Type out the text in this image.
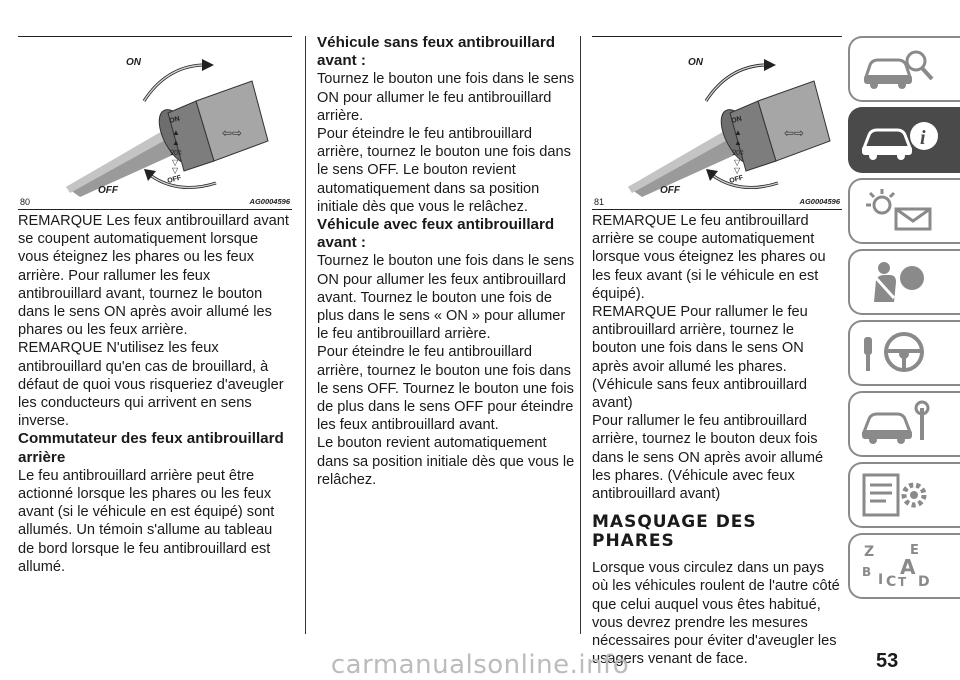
ON
▲
▲
ꝿ0‡
▽
▽
OFF
⇦⇨
ON
OFF
80	AG0004596

REMARQUE Les feux antibrouillard avant se coupent automatiquement lorsque vous éteignez les phares ou les feux arrière. Pour rallumer les feux antibrouillard avant, tournez le bouton dans le sens ON après avoir allumé les phares ou les feux arrière.

REMARQUE N'utilisez les feux antibrouillard qu'en cas de brouillard, à défaut de quoi vous risqueriez d'aveugler les conducteurs qui arrivent en sens inverse.

Commutateur des feux antibrouillard arrière

Le feu antibrouillard arrière peut être actionné lorsque les phares ou les feux avant (si le véhicule en est équipé) sont allumés. Un témoin s'allume au tableau de bord lorsque le feu antibrouillard est allumé.

Véhicule sans feux antibrouillard avant :

Tournez le bouton une fois dans le sens ON pour allumer le feu antibrouillard arrière.

Pour éteindre le feu antibrouillard arrière, tournez le bouton une fois dans le sens OFF. Le bouton revient automatiquement dans sa position initiale dès que vous le relâchez.

Véhicule avec feux antibrouillard avant :

Tournez le bouton une fois dans le sens ON pour allumer les feux antibrouillard avant. Tournez le bouton une fois de plus dans le sens « ON » pour allumer le feu antibrouillard arrière.

Pour éteindre le feu antibrouillard arrière, tournez le bouton une fois dans le sens OFF. Tournez le bouton une fois de plus dans le sens OFF pour éteindre les feux antibrouillard avant.

Le bouton revient automatiquement dans sa position initiale dès que vous le relâchez.

ON
▲
▲
ꝿ0‡
▽
▽
OFF
⇦⇨
ON
OFF
81	AG0004596

REMARQUE Le feu antibrouillard arrière se coupe automatiquement lorsque vous éteignez les phares ou les feux avant (si le véhicule en est équipé).

REMARQUE Pour rallumer le feu antibrouillard arrière, tournez le bouton une fois dans le sens ON après avoir allumé les phares. (Véhicule sans feux antibrouillard avant)

Pour rallumer le feu antibrouillard arrière, tournez le bouton deux fois dans le sens ON après avoir allumé les phares. (Véhicule avec feux antibrouillard avant)

MASQUAGE DES PHARES

Lorsque vous circulez dans un pays où les véhicules roulent de l'autre côté que celui auquel vous êtes habitué, vous devrez prendre les mesures nécessaires pour éviter d'aveugler les usagers venant de face.

i
Z	E
B A
I C T D
53
carmanualsonline.info
